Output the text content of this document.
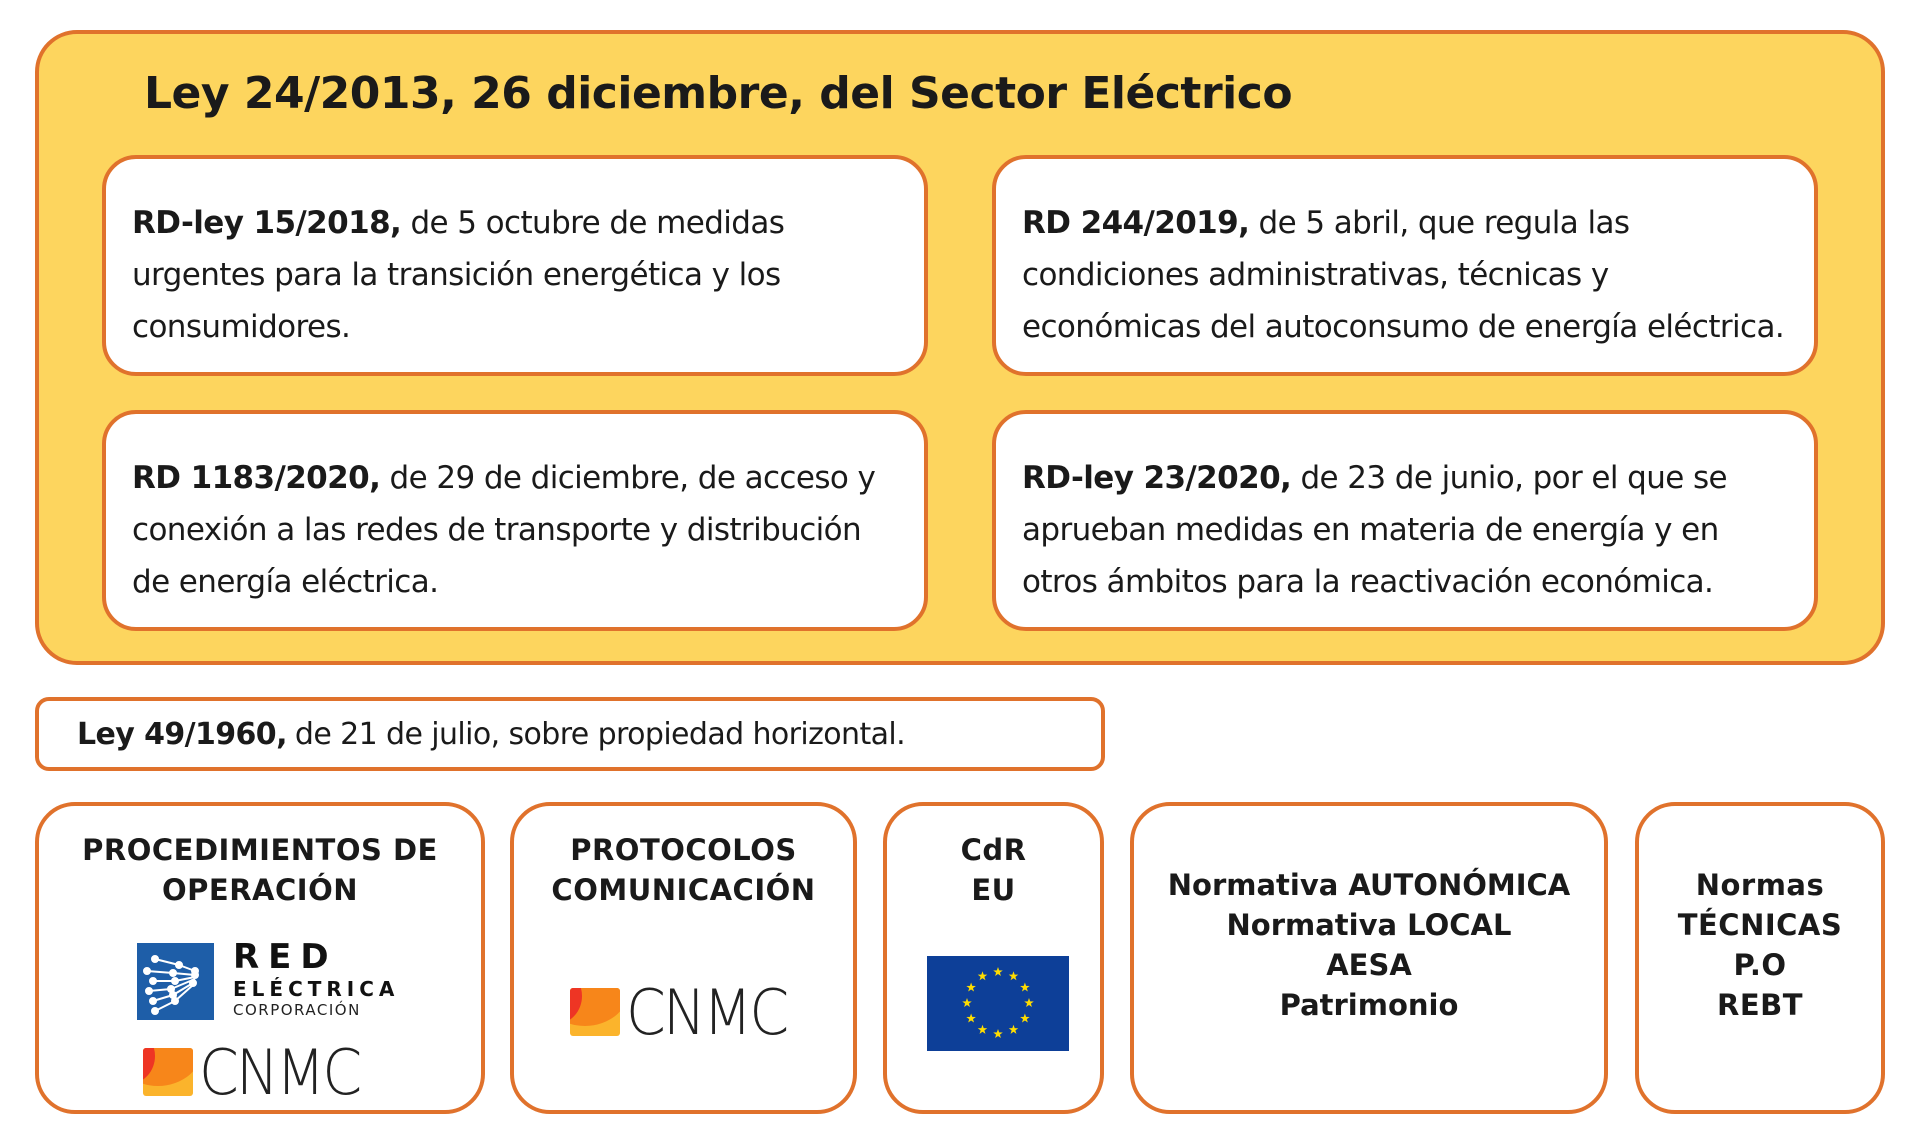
Ley 24/2013, 26 diciembre, del Sector Eléctrico
RD-ley 15/2018, de 5 octubre de medidas urgentes para la transición energética y los consumidores.
RD 244/2019, de 5 abril, que regula las condiciones administrativas, técnicas y económicas del autoconsumo de energía eléctrica.
RD 1183/2020, de 29 de diciembre, de acceso y conexión a las redes de transporte y distribución de energía eléctrica.
RD-ley 23/2020, de 23 de junio, por el que se aprueban medidas en materia de energía y en otros ámbitos para la reactivación económica.
Ley 49/1960, de 21 de julio, sobre propiedad horizontal.
PROCEDIMIENTOS DE
OPERACIÓN
RED
ELÉCTRICA
CORPORACIÓN
CNMC
PROTOCOLOS
COMUNICACIÓN
CNMC
CdR
EU	Normativa AUTONÓMICA
Normativa LOCAL
AESA
Patrimonio
Normas
TÉCNICAS
P.O
REBT
